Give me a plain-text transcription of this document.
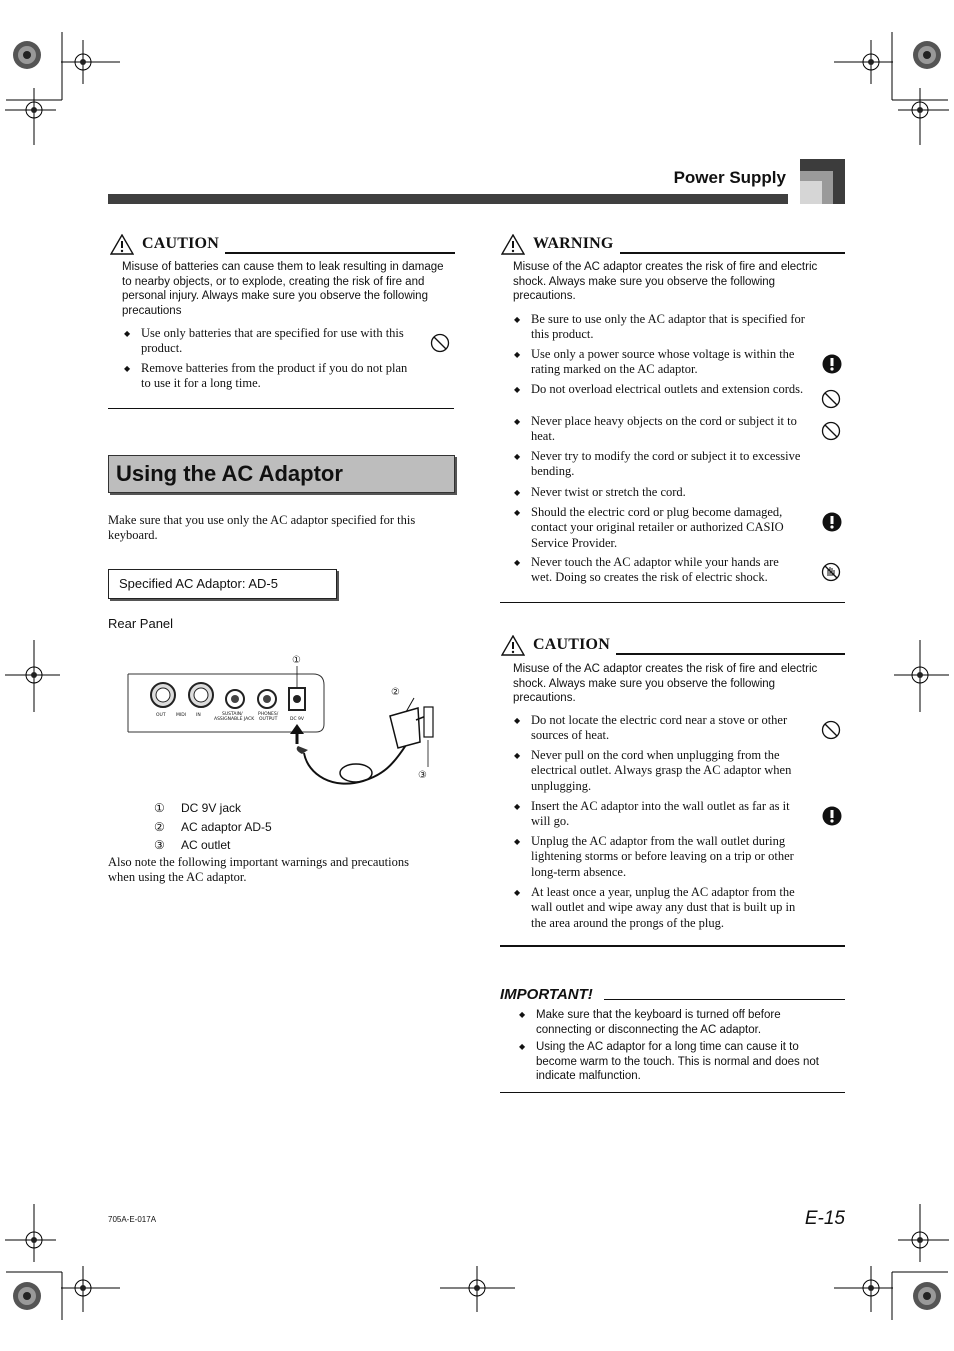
Power Supply
CAUTION
Misuse of batteries can cause them to leak resulting in damage
to nearby objects, or to explode, creating the risk of fire and
personal injury. Always make sure you observe the following
precautions
◆ Use only batteries that are specified for use with this
product.
◆ Remove batteries from the product if you do not plan
to use it for a long time.
Using the AC Adaptor
Make sure that you use only the AC adaptor specified for this
keyboard.
Specified AC Adaptor: AD-5
Rear Panel
OUT MIDI IN	SUSTAIN/
ASSIGNABLE JACK
PHONES/
OUTPUT	DC 9V
①
②
③
① DC 9V jack
② AC adaptor AD-5
③ AC outlet
Also note the following important warnings and precautions
when using the AC adaptor.
WARNING
Misuse of the AC adaptor creates the risk of fire and electric
shock. Always make sure you observe the following
precautions.
◆ Be sure to use only the AC adaptor that is specified for
this product.
◆ Use only a power source whose voltage is within the
rating marked on the AC adaptor.
◆ Do not overload electrical outlets and extension cords.
◆ Never place heavy objects on the cord or subject it to
heat.
◆ Never try to modify the cord or subject it to excessive
bending.
◆ Never twist or stretch the cord.
◆ Should the electric cord or plug become damaged,
contact your original retailer or authorized CASIO
Service Provider.
◆ Never touch the AC adaptor while your hands are
wet. Doing so creates the risk of electric shock.
CAUTION
Misuse of the AC adaptor creates the risk of fire and electric
shock. Always make sure you observe the following
precautions.
◆ Do not locate the electric cord near a stove or other
sources of heat.
◆ Never pull on the cord when unplugging from the
electrical outlet. Always grasp the AC adaptor when
unplugging.
◆ Insert the AC adaptor into the wall outlet as far as it
will go.
◆ Unplug the AC adaptor from the wall outlet during
lightening storms or before leaving on a trip or other
long-term absence.
◆ At least once a year, unplug the AC adaptor from the
wall outlet and wipe away any dust that is built up in
the area around the prongs of the plug.
IMPORTANT!
◆ Make sure that the keyboard is turned off before
connecting or disconnecting the AC adaptor.
◆ Using the AC adaptor for a long time can cause it to
become warm to the touch. This is normal and does not
indicate malfunction.
705A-E-017A	E-15
